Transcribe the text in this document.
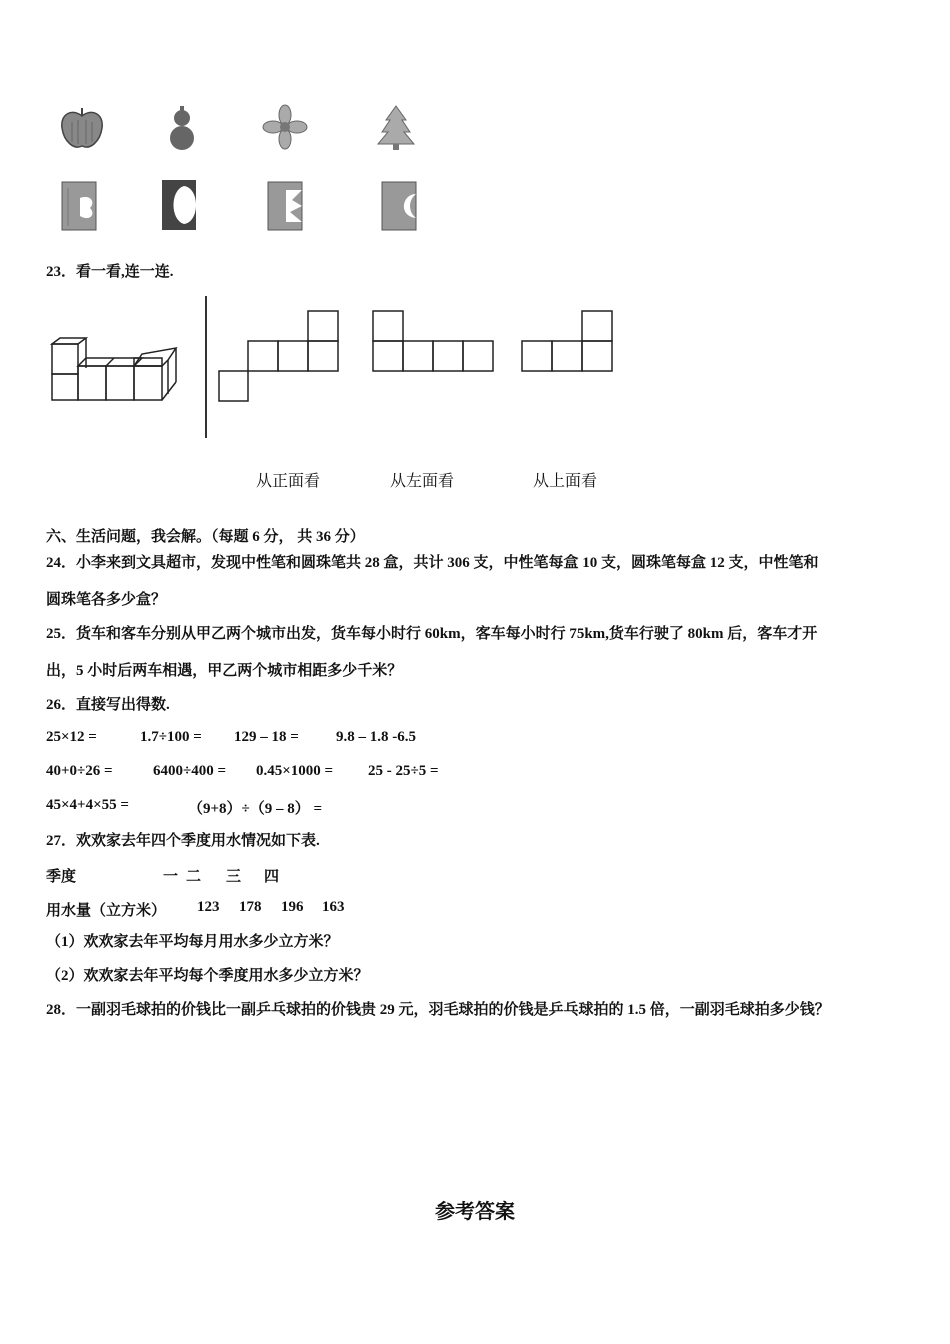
23．看一看,连一连.
从正面看	从左面看	从上面看
六、生活问题，我会解。（每题 6 分， 共 36 分）
24．小李来到文具超市，发现中性笔和圆珠笔共 28 盒，共计 306 支，中性笔每盒 10 支，圆珠笔每盒 12 支，中性笔和
圆珠笔各多少盒？
25．货车和客车分别从甲乙两个城市出发，货车每小时行 60km，客车每小时行 75km,货车行驶了 80km 后，客车才开
出，5 小时后两车相遇，甲乙两个城市相距多少千米？
26．直接写出得数.
25×12 =	1.7÷100 = 129 – 18 = 9.8 – 1.8 -6.5
40+0÷26 =	6400÷400 = 0.45×1000 = 25 - 25÷5 =
45×4+4×55 =	（9+8）÷（9 – 8） =
27．欢欢家去年四个季度用水情况如下表.
季度	一 二 三 四
用水量（立方米） 123 178 196 163
（1）欢欢家去年平均每月用水多少立方米？
（2）欢欢家去年平均每个季度用水多少立方米？
28．一副羽毛球拍的价钱比一副乒乓球拍的价钱贵 29 元，羽毛球拍的价钱是乒乓球拍的 1.5 倍，一副羽毛球拍多少钱？
参考答案
